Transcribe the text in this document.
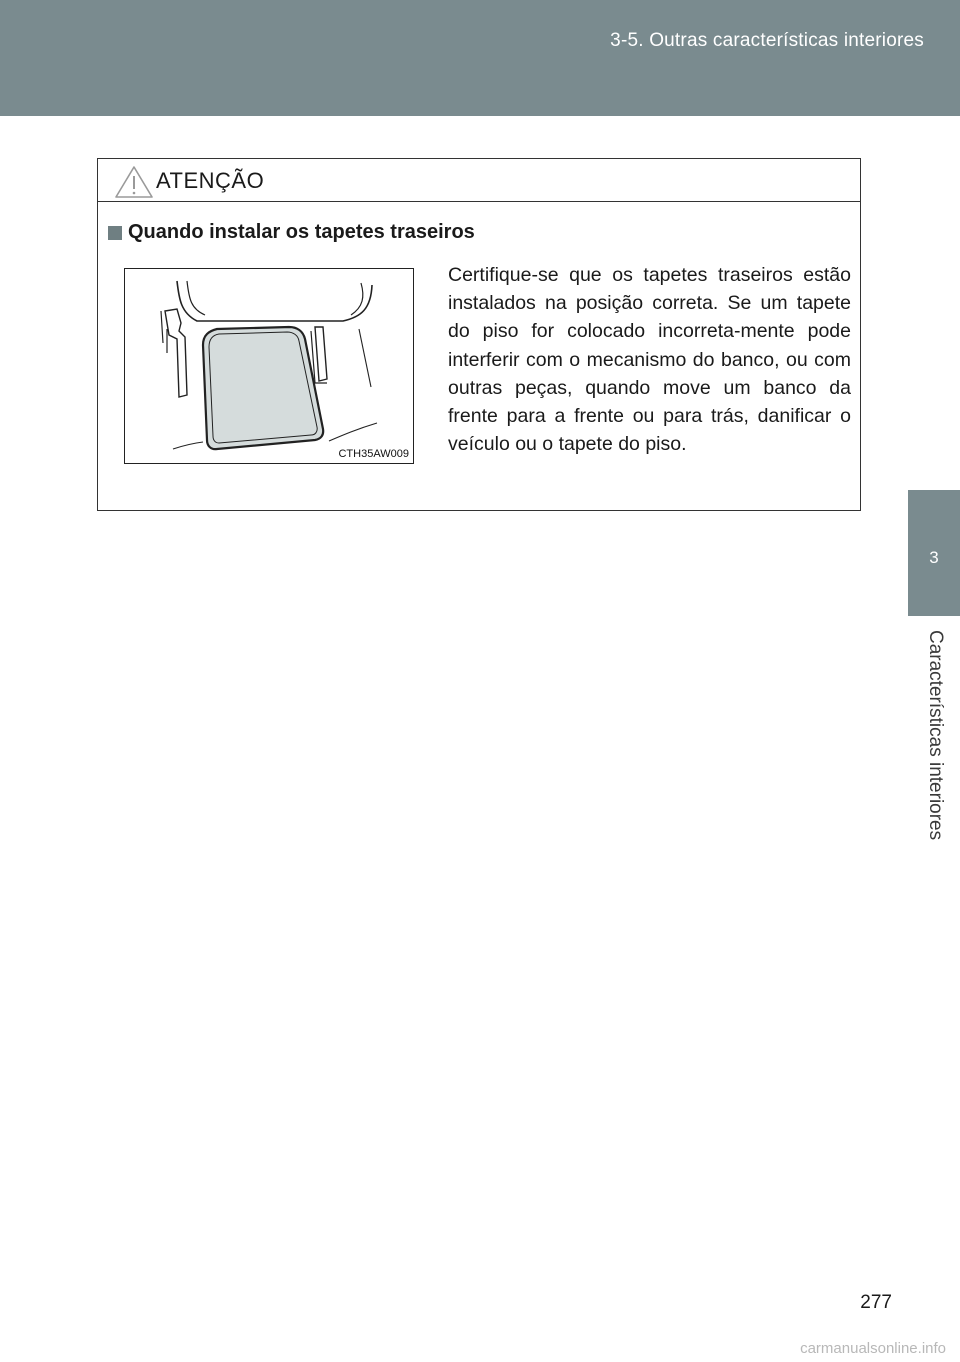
3-5. Outras características interiores
3
Características interiores
ATENÇÃO
Quando instalar os tapetes traseiros
CTH35AW009
Certifique-se que os tapetes traseiros estão instalados na posição correta. Se um tapete do piso for colocado incorreta-mente pode interferir com o mecanismo do banco, ou com outras peças, quando move um banco da frente para a frente ou para trás, danificar o veículo ou o tapete do piso.
277
carmanualsonline.info
